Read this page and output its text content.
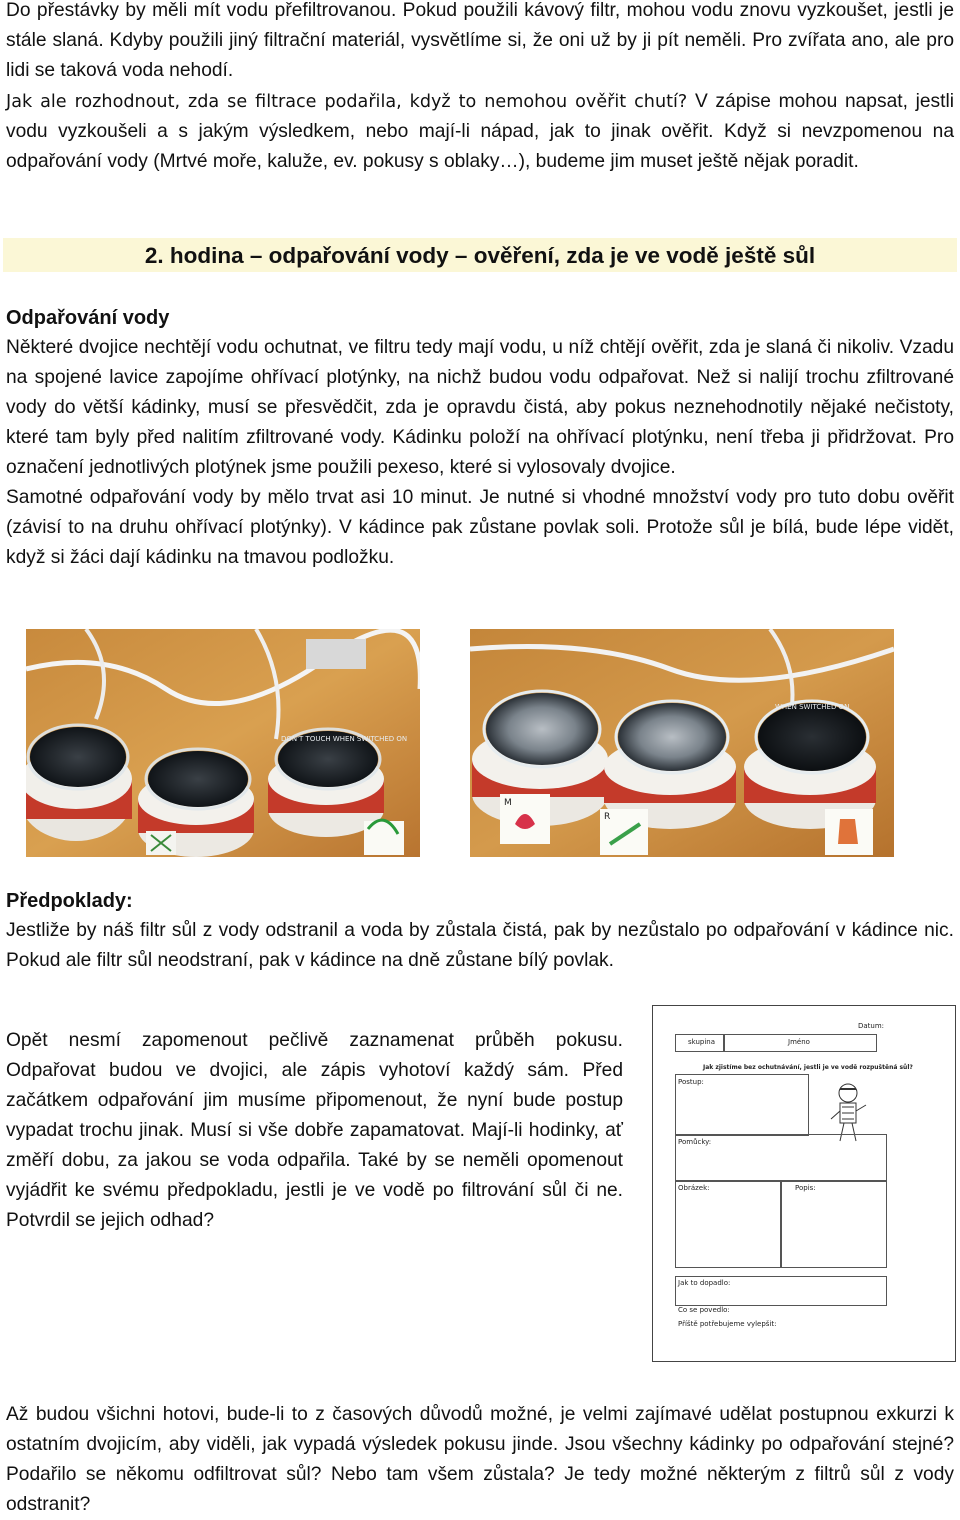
Do přestávky by měli mít vodu přefiltrovanou. Pokud použili kávový filtr, mohou vodu znovu vyzkoušet, jestli je stále slaná. Kdyby použili jiný filtrační materiál, vysvětlíme si, že oni už by ji pít neměli. Pro zvířata ano, ale pro lidi se taková voda nehodí.
Jak ale rozhodnout, zda se filtrace podařila, když to nemohou ověřit chutí? V zápise mohou napsat, jestli vodu vyzkoušeli a s jakým výsledkem, nebo mají-li nápad, jak to jinak ověřit. Když si nevzpomenou na odpařování vody (Mrtvé moře, kaluže, ev. pokusy s oblaky…), budeme jim muset ještě nějak poradit.

2. hodina – odpařování vody – ověření, zda je ve vodě ještě sůl
Odpařování vody

Některé dvojice nechtějí vodu ochutnat, ve filtru tedy mají vodu, u níž chtějí ověřit, zda je slaná či nikoliv. Vzadu na spojené lavice zapojíme ohřívací plotýnky, na nichž budou vodu odpařovat. Než si nalijí trochu zfiltrované vody do větší kádinky, musí se přesvědčit, zda je opravdu čistá, aby pokus neznehodnotily nějaké nečistoty, které tam byly před nalitím zfiltrované vody. Kádinku položí na ohřívací plotýnku, není třeba ji přidržovat. Pro označení jednotlivých plotýnek jsme použili pexeso, které si vylosovaly dvojice.
Samotné odpařování vody by mělo trvat asi 10 minut. Je nutné si vhodné množství vody pro tuto dobu ověřit (závisí to na druhu ohřívací plotýnky). V kádince pak zůstane povlak soli. Protože sůl je bílá, bude lépe vidět, když si žáci dají kádinku na tmavou podložku.

DON'T TOUCH WHEN SWITCHED ON
WHEN SWITCHED ON
M
R
Předpoklady:

Jestliže by náš filtr sůl z vody odstranil a voda by zůstala čistá, pak by nezůstalo po odpařování v kádince nic. Pokud ale filtr sůl neodstraní, pak v kádince na dně zůstane bílý povlak.

Opět nesmí zapomenout pečlivě zaznamenat průběh pokusu. Odpařovat budou ve dvojici, ale zápis vyhotoví každý sám. Před začátkem odpařování jim musíme připomenout, že nyní bude postup vypadat trochu jinak. Musí si vše dobře zapamatovat. Mají-li hodinky, ať změří dobu, za jakou se voda odpařila. Také by se neměli opomenout vyjádřit ke svému předpokladu, jestli je ve vodě po filtrování sůl či ne. Potvrdil se jejich odhad?

Datum:
skupina	Jméno
Jak zjistíme bez ochutnávání, jestli je ve vodě rozpuštěná sůl?
Postup:
Pomůcky:
Obrázek:	Popis:
Jak to dopadlo:
Co se povedlo:
Příště potřebujeme vylepšit:

Až budou všichni hotovi, bude-li to z časových důvodů možné, je velmi zajímavé udělat postupnou exkurzi k ostatním dvojicím, aby viděli, jak vypadá výsledek pokusu jinde. Jsou všechny kádinky po odpařování stejné? Podařilo se někomu odfiltrovat sůl? Nebo tam všem zůstala? Je tedy možné některým z filtrů sůl z vody odstranit?
